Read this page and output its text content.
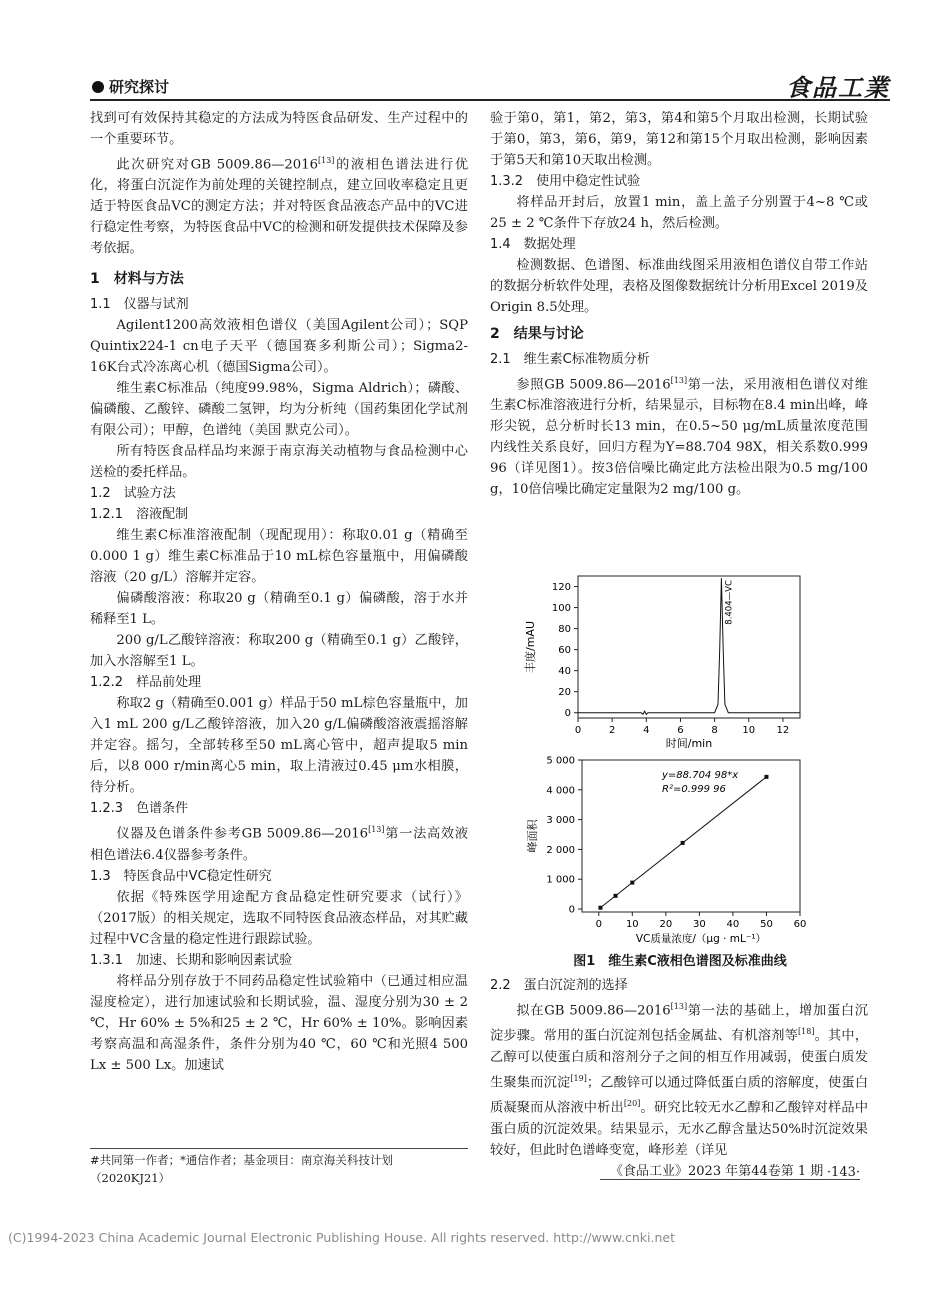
研究探讨	食品工業
找到可有效保持其稳定的方法成为特医食品研发、生产过程中的一个重要环节。
此次研究对GB 5009.86—2016[13]的液相色谱法进行优化，将蛋白沉淀作为前处理的关键控制点，建立回收率稳定且更适于特医食品VC的测定方法；并对特医食品液态产品中的VC进行稳定性考察，为特医食品中VC的检测和研发提供技术保障及参考依据。
1　材料与方法
1.1　仪器与试剂
Agilent1200高效液相色谱仪（美国Agilent公司）；SQP Quintix224-1 cn电子天平（德国赛多利斯公司）；Sigma2-16K台式冷冻离心机（德国Sigma公司）。
维生素C标准品（纯度99.98%，Sigma Aldrich）；磷酸、偏磷酸、乙酸锌、磷酸二氢钾，均为分析纯（国药集团化学试剂有限公司）；甲醇，色谱纯（美国 默克公司）。
所有特医食品样品均来源于南京海关动植物与食品检测中心送检的委托样品。
1.2　试验方法
1.2.1　溶液配制
维生素C标准溶液配制（现配现用）：称取0.01 g（精确至0.000 1 g）维生素C标准品于10 mL棕色容量瓶中，用偏磷酸溶液（20 g/L）溶解并定容。
偏磷酸溶液：称取20 g（精确至0.1 g）偏磷酸，溶于水并稀释至1 L。
200 g/L乙酸锌溶液：称取200 g（精确至0.1 g）乙酸锌，加入水溶解至1 L。
1.2.2　样品前处理
称取2 g（精确至0.001 g）样品于50 mL棕色容量瓶中，加入1 mL 200 g/L乙酸锌溶液，加入20 g/L偏磷酸溶液震摇溶解并定容。摇匀，全部转移至50 mL离心管中，超声提取5 min后，以8 000 r/min离心5 min，取上清液过0.45 μm水相膜，待分析。
1.2.3　色谱条件
仪器及色谱条件参考GB 5009.86—2016[13]第一法高效液相色谱法6.4仪器参考条件。
1.3　特医食品中VC稳定性研究
依据《特殊医学用途配方食品稳定性研究要求（试行）》（2017版）的相关规定，选取不同特医食品液态样品，对其贮藏过程中VC含量的稳定性进行跟踪试验。
1.3.1　加速、长期和影响因素试验
将样品分别存放于不同药品稳定性试验箱中（已通过相应温湿度检定），进行加速试验和长期试验，温、湿度分别为30 ± 2 ℃，Hr 60% ± 5%和25 ± 2 ℃，Hr 60% ± 10%。影响因素考察高温和高湿条件，条件分别为40 ℃，60 ℃和光照4 500 Lx ± 500 Lx。加速试
验于第0，第1，第2，第3，第4和第5个月取出检测，长期试验于第0，第3，第6，第9，第12和第15个月取出检测，影响因素于第5天和第10天取出检测。
1.3.2　使用中稳定性试验
将样品开封后，放置1 min，盖上盖子分别置于4~8 ℃或25 ± 2 ℃条件下存放24 h，然后检测。
1.4　数据处理
检测数据、色谱图、标准曲线图采用液相色谱仪自带工作站的数据分析软件处理，表格及图像数据统计分析用Excel 2019及Origin 8.5处理。
2　结果与讨论
2.1　维生素C标准物质分析
参照GB 5009.86—2016[13]第一法，采用液相色谱仪对维生素C标准溶液进行分析，结果显示，目标物在8.4 min出峰，峰形尖锐，总分析时长13 min，在0.5~50 μg/mL质量浓度范围内线性关系良好，回归方程为Y=88.704 98X，相关系数0.999 96（详见图1）。按3倍信噪比确定此方法检出限为0.5 mg/100 g，10倍信噪比确定定量限为2 mg/100 g。
0	2	4	6	8 10 12
0
20
40
60
80
100
120	8.404—VC
时间/min
丰度/mAU
0 10 20 30 40 50 60
0
1 000
2 000
3 000
4 000
5 000
y=88.704 98*x
R²=0.999 96
VC质量浓度/（μg · mL⁻¹）
峰面积
图1　维生素C液相色谱图及标准曲线
#共同第一作者；*通信作者；基金项目：南京海关科技计划
（2020KJ21）	《食品工业》2023 年第44卷第 1 期 ·143·
(C)1994-2023 China Academic Journal Electronic Publishing House. All rights reserved. http://www.cnki.net
2.2　蛋白沉淀剂的选择
拟在GB 5009.86—2016[13]第一法的基础上，增加蛋白沉淀步骤。常用的蛋白沉淀剂包括金属盐、有机溶剂等[18]。其中，乙醇可以使蛋白质和溶剂分子之间的相互作用减弱，使蛋白质发生聚集而沉淀[19]；乙酸锌可以通过降低蛋白质的溶解度，使蛋白质凝聚而从溶液中析出[20]。研究比较无水乙醇和乙酸锌对样品中蛋白质的沉淀效果。结果显示，无水乙醇含量达50%时沉淀效果较好，但此时色谱峰变宽，峰形差（详见
